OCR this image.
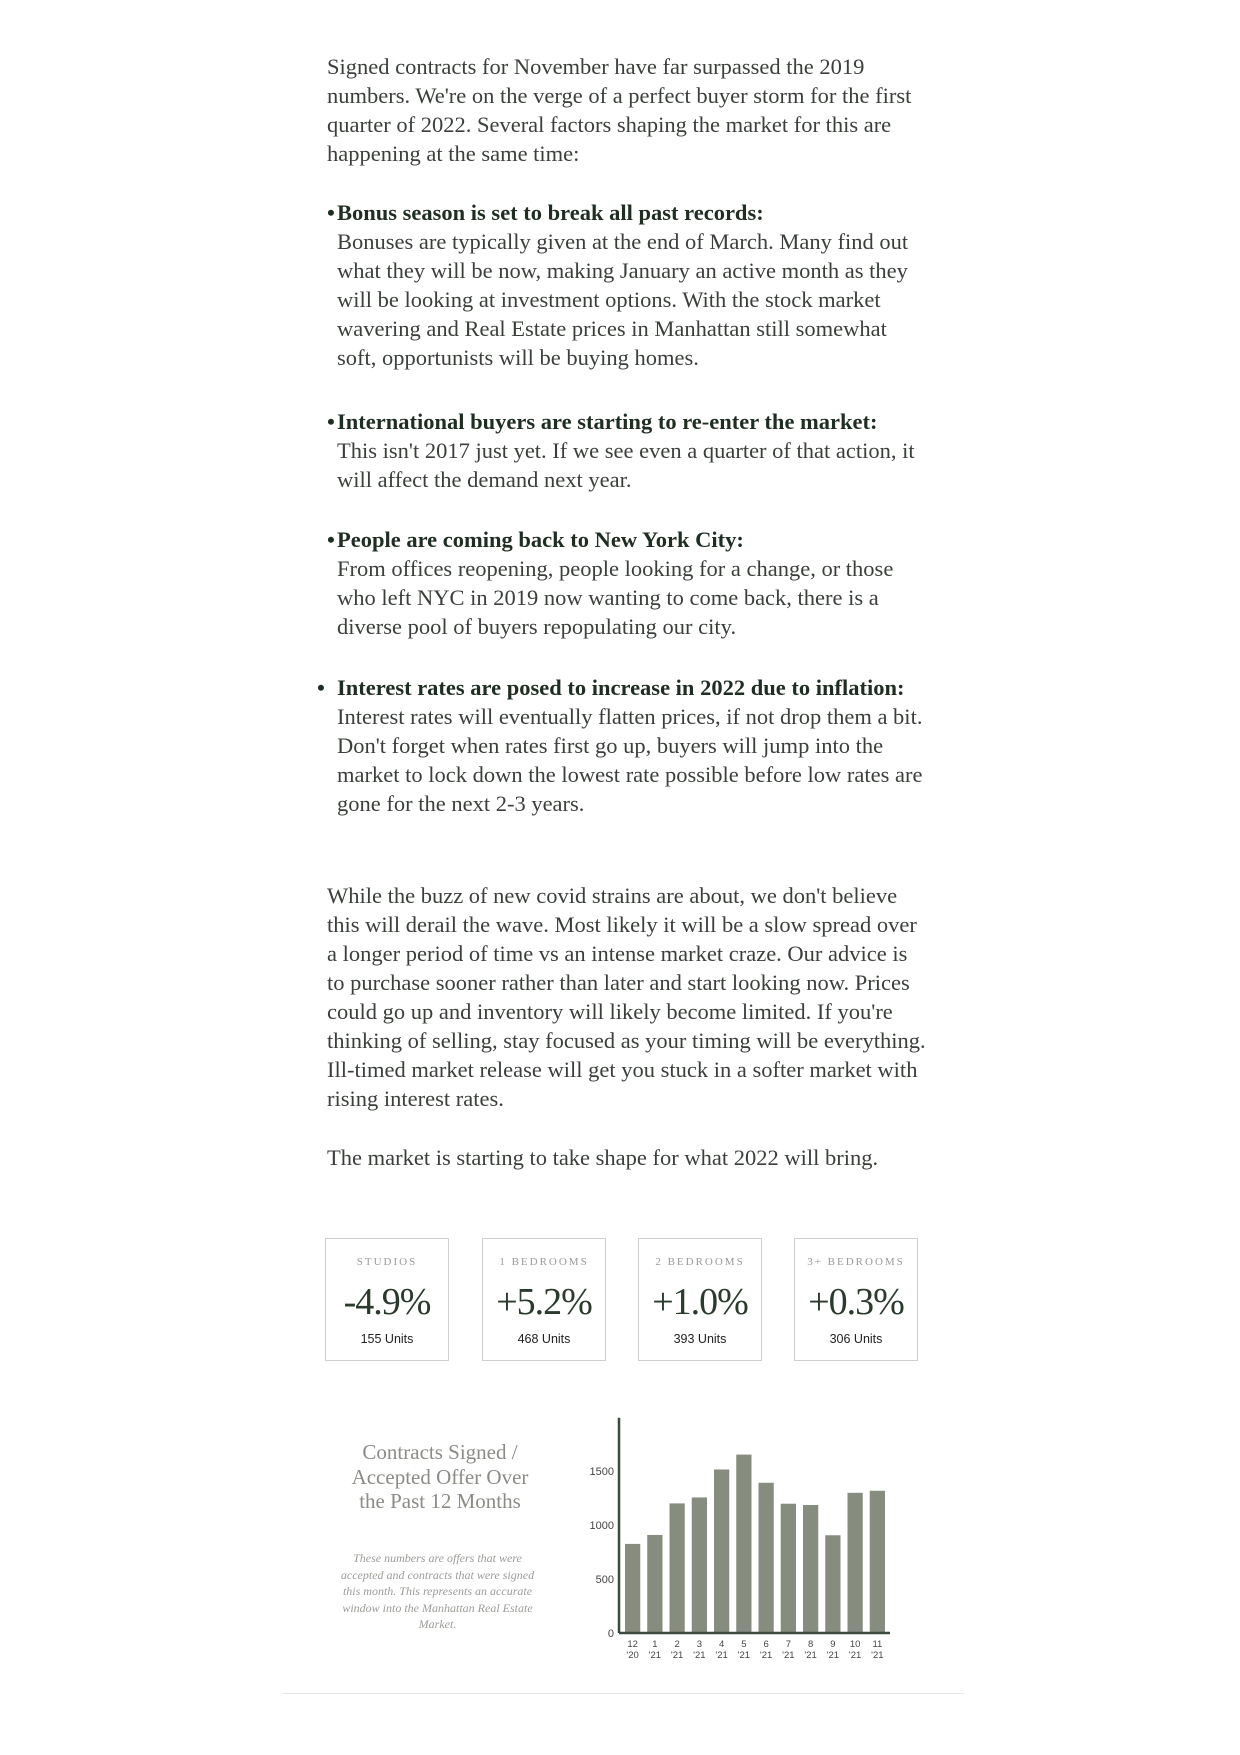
Signed contracts for November have far surpassed the 2019 numbers. We're on the verge of a perfect buyer storm for the first quarter of 2022. Several factors shaping the market for this are happening at the same time:

•Bonus season is set to break all past records:
Bonuses are typically given at the end of March. Many find out what they will be now, making January an active month as they will be looking at investment options. With the stock market wavering and Real Estate prices in Manhattan still somewhat soft, opportunists will be buying homes.
•International buyers are starting to re-enter the market:
This isn't 2017 just yet. If we see even a quarter of that action, it will affect the demand next year.
•People are coming back to New York City:
From offices reopening, people looking for a change, or those who left NYC in 2019 now wanting to come back, there is a diverse pool of buyers repopulating our city.
• Interest rates are posed to increase in 2022 due to inflation:
Interest rates will eventually flatten prices, if not drop them a bit. Don't forget when rates first go up, buyers will jump into the market to lock down the lowest rate possible before low rates are gone for the next 2-3 years.

While the buzz of new covid strains are about, we don't believe this will derail the wave. Most likely it will be a slow spread over a longer period of time vs an intense market craze. Our advice is to purchase sooner rather than later and start looking now. Prices could go up and inventory will likely become limited. If you're thinking of selling, stay focused as your timing will be everything. Ill-timed market release will get you stuck in a softer market with rising interest rates.

The market is starting to take shape for what 2022 will bring.

STUDIOS
-4.9%
155 Units
1 BEDROOMS
+5.2%
468 Units
2 BEDROOMS
+1.0%
393 Units
3+ BEDROOMS
+0.3%
306 Units
Contracts Signed / Accepted Offer Over the Past 12 Months
These numbers are offers that were accepted and contracts that were signed this month. This represents an accurate window into the Manhattan Real Estate Market.
12
'20
1
'21
2
'21
3
'21
4
'21
5
'21
6
'21
7
'21
8
'21
9
'21
10
'21
11
'21
0
500
1000
1500
